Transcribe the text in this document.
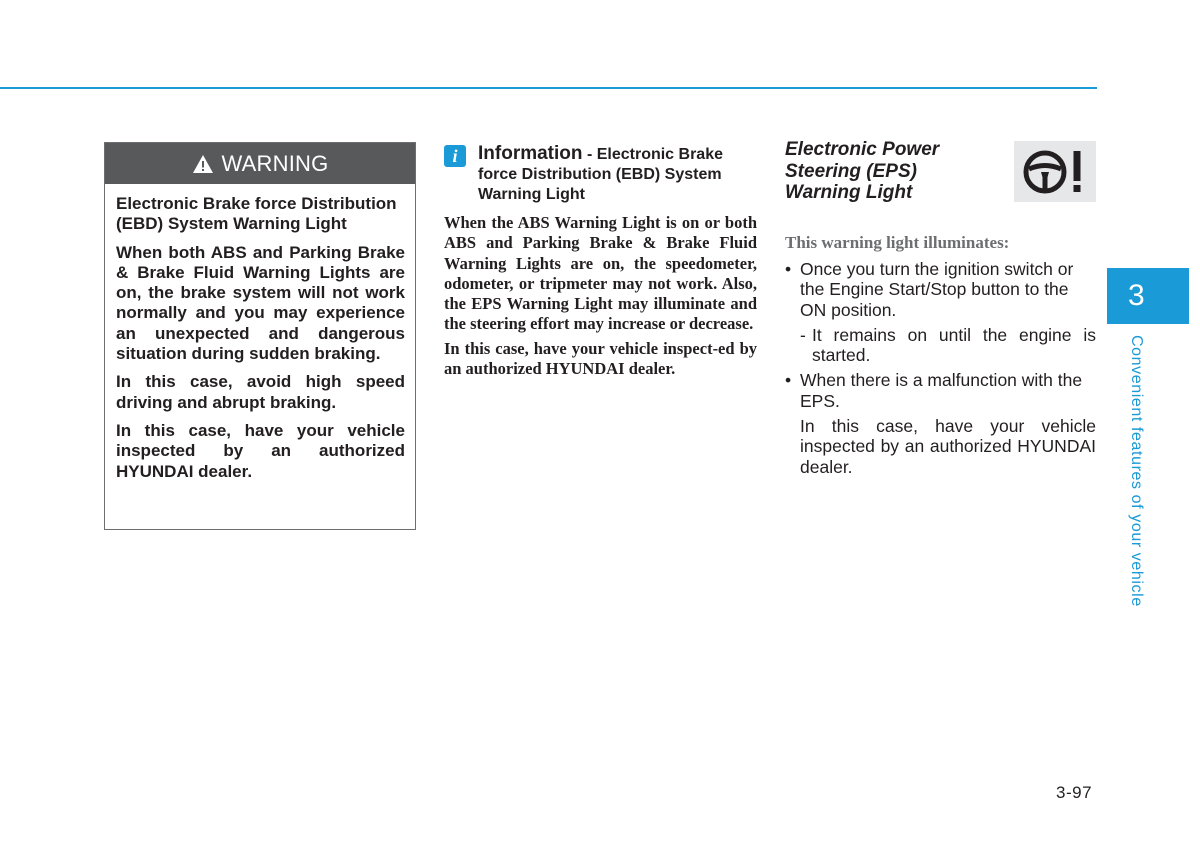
WARNING

Electronic Brake force Distribution (EBD) System Warning Light

When both ABS and Parking Brake & Brake Fluid Warning Lights are on, the brake system will not work normally and you may experience an unexpected and dangerous situation during sudden braking.

In this case, avoid high speed driving and abrupt braking.

In this case, have your vehicle inspected by an authorized HYUNDAI dealer.

i	Information - Electronic Brake force Distribution (EBD) System Warning Light

When the ABS Warning Light is on or both ABS and Parking Brake & Brake Fluid Warning Lights are on, the speedometer, odometer, or tripmeter may not work. Also, the EPS Warning Light may illuminate and the steering effort may increase or decrease.

In this case, have your vehicle inspect-ed by an authorized HYUNDAI dealer.

Electronic Power Steering (EPS) Warning Light
This warning light illuminates:
• Once you turn the ignition switch or the Engine Start/Stop button to the ON position.
- It remains on until the engine is started.
• When there is a malfunction with the EPS.
In this case, have your vehicle inspected by an authorized HYUNDAI dealer.
3
Convenient features of your vehicle
3-97
